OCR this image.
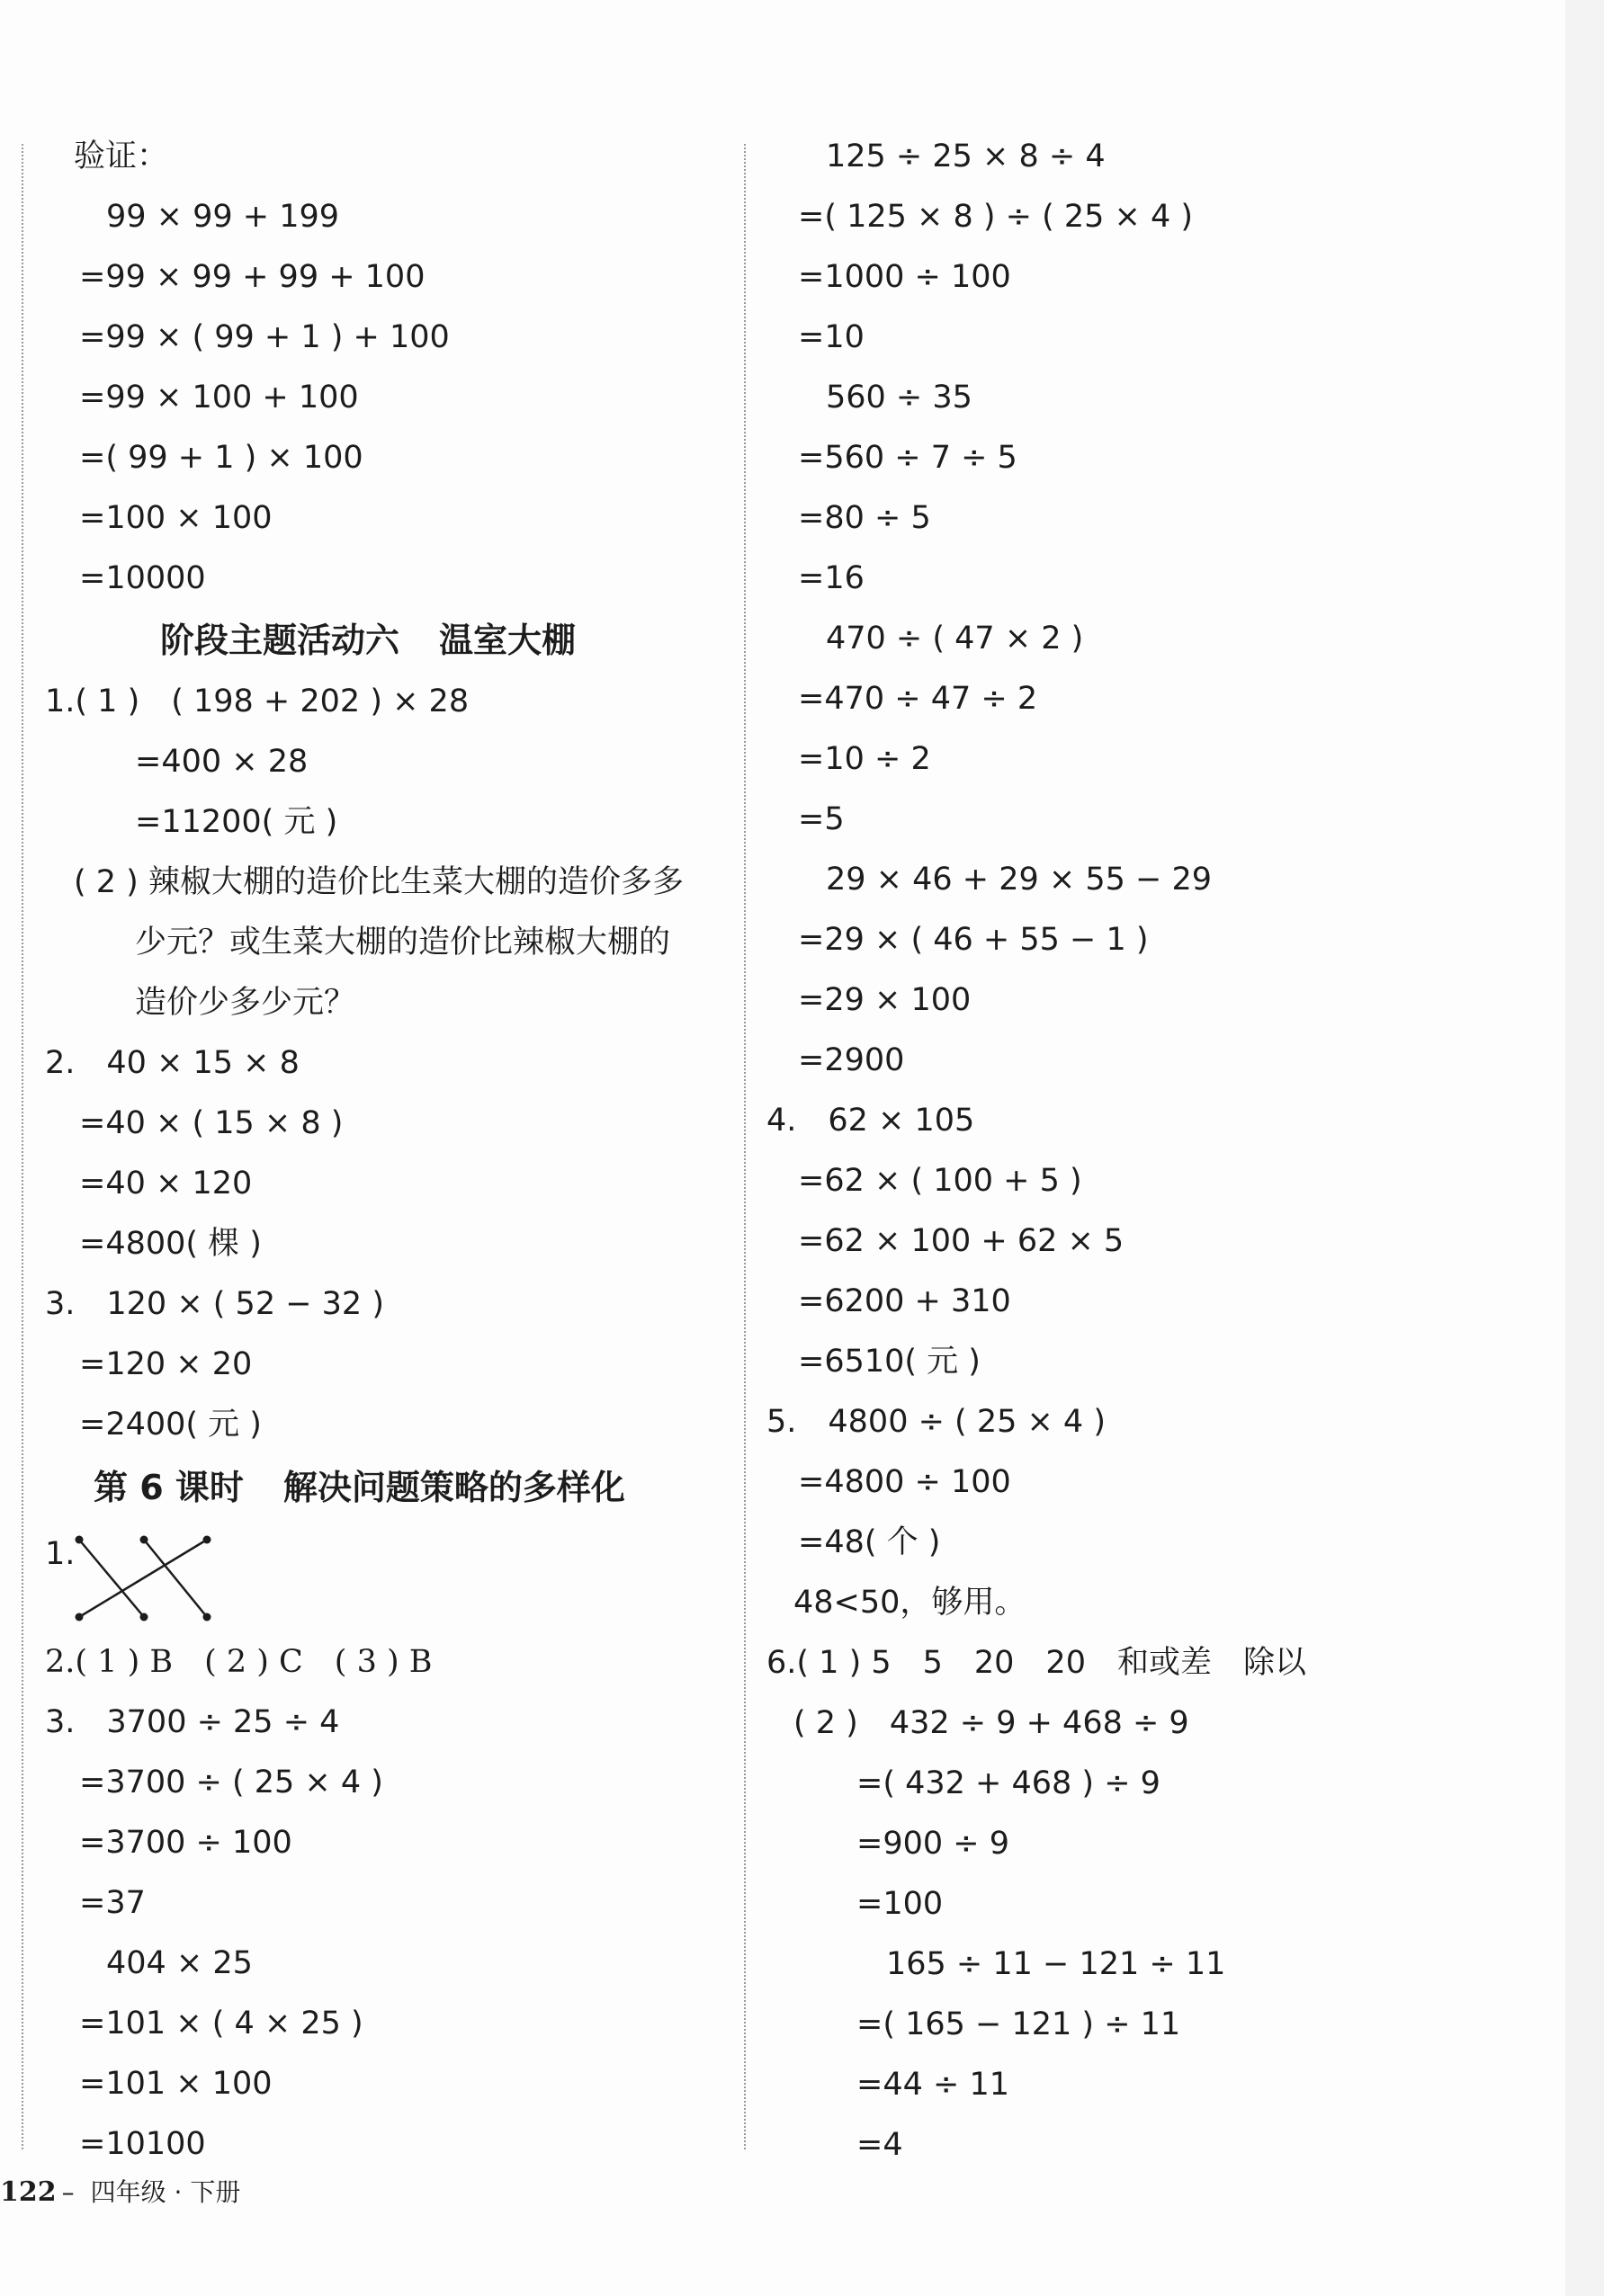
验证：
99 × 99 + 199
=99 × 99 + 99 + 100
=99 × ( 99 + 1 ) + 100
=99 × 100 + 100
=( 99 + 1 ) × 100
=100 × 100
=10000
阶段主题活动六 温室大棚
1.( 1 )　( 198 + 202 ) × 28
=400 × 28
=11200( 元 )
( 2 ) 辣椒大棚的造价比生菜大棚的造价多多
少元？或生菜大棚的造价比辣椒大棚的
造价少多少元？
2.　40 × 15 × 8
=40 × ( 15 × 8 )
=40 × 120
=4800( 棵 )
3.　120 × ( 52 − 32 )
=120 × 20
=2400( 元 )
第 6 课时 解决问题策略的多样化
1.
2.( 1 ) B　( 2 ) C　( 3 ) B
3.　3700 ÷ 25 ÷ 4
=3700 ÷ ( 25 × 4 )
=3700 ÷ 100
=37
404 × 25
=101 × ( 4 × 25 )
=101 × 100
=10100
125 ÷ 25 × 8 ÷ 4
=( 125 × 8 ) ÷ ( 25 × 4 )
=1000 ÷ 100
=10
560 ÷ 35
=560 ÷ 7 ÷ 5
=80 ÷ 5
=16
470 ÷ ( 47 × 2 )
=470 ÷ 47 ÷ 2
=10 ÷ 2
=5
29 × 46 + 29 × 55 − 29
=29 × ( 46 + 55 − 1 )
=29 × 100
=2900
4.　62 × 105
=62 × ( 100 + 5 )
=62 × 100 + 62 × 5
=6200 + 310
=6510( 元 )
5.　4800 ÷ ( 25 × 4 )
=4800 ÷ 100
=48( 个 )
48<50，够用。
6.( 1 ) 5　5　20　20　和或差　除以
( 2 )　432 ÷ 9 + 468 ÷ 9
=( 432 + 468 ) ÷ 9
=900 ÷ 9
=100
165 ÷ 11 − 121 ÷ 11
=( 165 − 121 ) ÷ 11
=44 ÷ 11
=4
122 – 四年级 · 下册
